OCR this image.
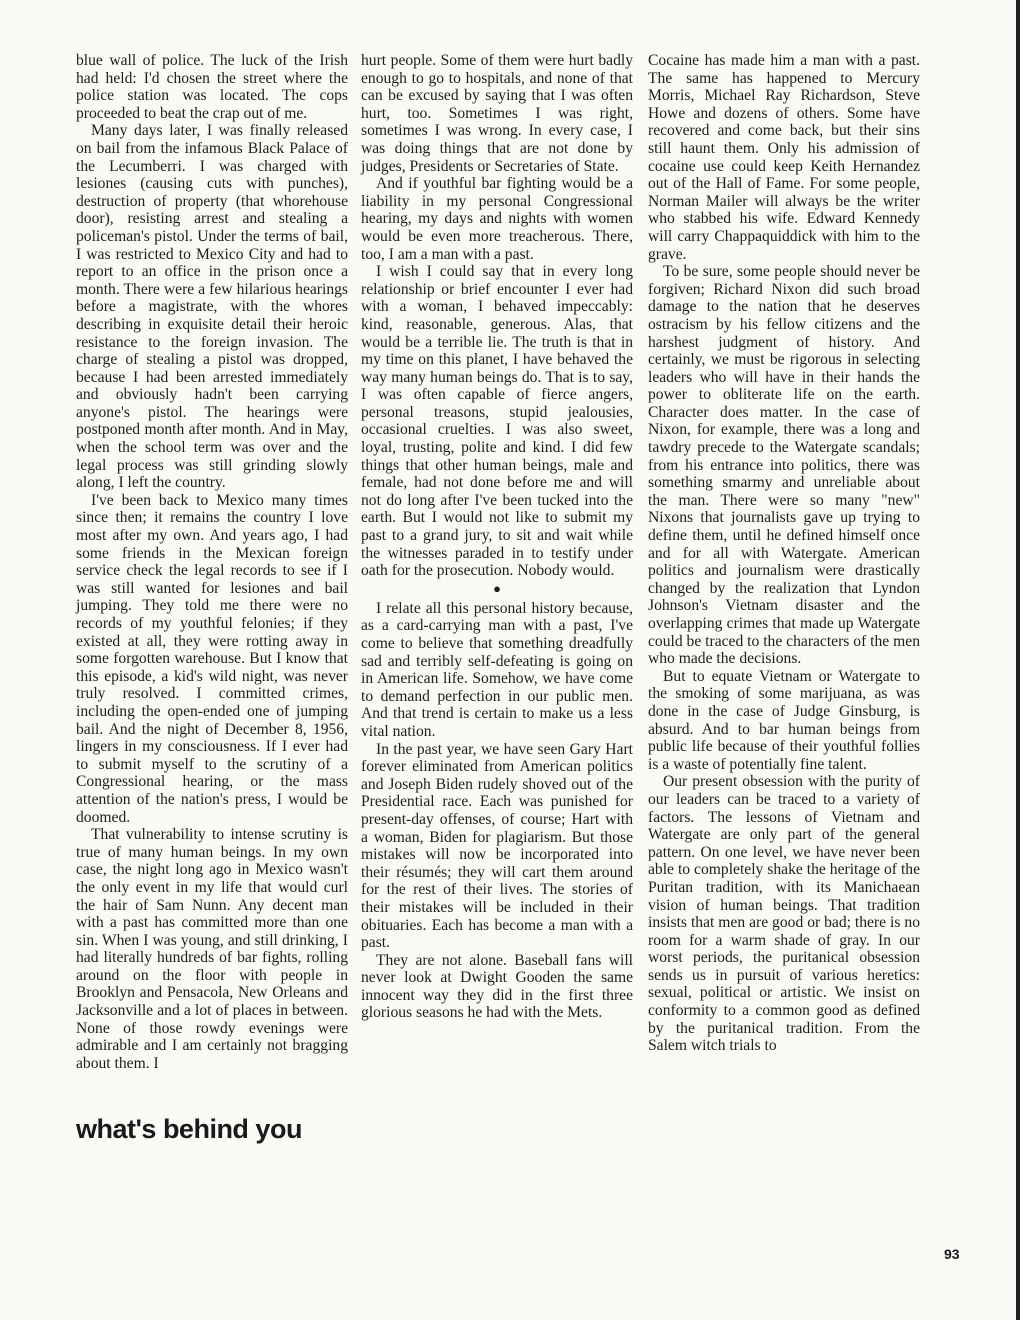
blue wall of police. The luck of the Irish had held: I'd chosen the street where the police station was located. The cops proceeded to beat the crap out of me.

Many days later, I was finally released on bail from the infamous Black Palace of the Lecumberri. I was charged with lesiones (causing cuts with punches), destruction of property (that whorehouse door), resisting arrest and stealing a policeman's pistol. Under the terms of bail, I was restricted to Mexico City and had to report to an office in the prison once a month. There were a few hilarious hearings before a magistrate, with the whores describing in exquisite detail their heroic resistance to the foreign invasion. The charge of stealing a pistol was dropped, because I had been arrested immediately and obviously hadn't been carrying anyone's pistol. The hearings were postponed month after month. And in May, when the school term was over and the legal process was still grinding slowly along, I left the country.

I've been back to Mexico many times since then; it remains the country I love most after my own. And years ago, I had some friends in the Mexican foreign service check the legal records to see if I was still wanted for lesiones and bail jumping. They told me there were no records of my youthful felonies; if they existed at all, they were rotting away in some forgotten warehouse. But I know that this episode, a kid's wild night, was never truly resolved. I committed crimes, including the open-ended one of jumping bail. And the night of December 8, 1956, lingers in my consciousness. If I ever had to submit myself to the scrutiny of a Congressional hearing, or the mass attention of the nation's press, I would be doomed.

That vulnerability to intense scrutiny is true of many human beings. In my own case, the night long ago in Mexico wasn't the only event in my life that would curl the hair of Sam Nunn. Any decent man with a past has committed more than one sin. When I was young, and still drinking, I had literally hundreds of bar fights, rolling around on the floor with people in Brooklyn and Pensacola, New Orleans and Jacksonville and a lot of places in between. None of those rowdy evenings were admirable and I am certainly not bragging about them. I

hurt people. Some of them were hurt badly enough to go to hospitals, and none of that can be excused by saying that I was often hurt, too. Sometimes I was right, sometimes I was wrong. In every case, I was doing things that are not done by judges, Presidents or Secretaries of State.

And if youthful bar fighting would be a liability in my personal Congressional hearing, my days and nights with women would be even more treacherous. There, too, I am a man with a past.

I wish I could say that in every long relationship or brief encounter I ever had with a woman, I behaved impeccably: kind, reasonable, generous. Alas, that would be a terrible lie. The truth is that in my time on this planet, I have behaved the way many human beings do. That is to say, I was often capable of fierce angers, personal treasons, stupid jealousies, occasional cruelties. I was also sweet, loyal, trusting, polite and kind. I did few things that other human beings, male and female, had not done before me and will not do long after I've been tucked into the earth. But I would not like to submit my past to a grand jury, to sit and wait while the witnesses paraded in to testify under oath for the prosecution. Nobody would.

●

I relate all this personal history because, as a card-carrying man with a past, I've come to believe that something dreadfully sad and terribly self-defeating is going on in American life. Somehow, we have come to demand perfection in our public men. And that trend is certain to make us a less vital nation.

In the past year, we have seen Gary Hart forever eliminated from American politics and Joseph Biden rudely shoved out of the Presidential race. Each was punished for present-day offenses, of course; Hart with a woman, Biden for plagiarism. But those mistakes will now be incorporated into their résumés; they will cart them around for the rest of their lives. The stories of their mistakes will be included in their obituaries. Each has become a man with a past.

They are not alone. Baseball fans will never look at Dwight Gooden the same innocent way they did in the first three glorious seasons he had with the Mets.

Cocaine has made him a man with a past. The same has happened to Mercury Morris, Michael Ray Richardson, Steve Howe and dozens of others. Some have recovered and come back, but their sins still haunt them. Only his admission of cocaine use could keep Keith Hernandez out of the Hall of Fame. For some people, Norman Mailer will always be the writer who stabbed his wife. Edward Kennedy will carry Chappaquiddick with him to the grave.

To be sure, some people should never be forgiven; Richard Nixon did such broad damage to the nation that he deserves ostracism by his fellow citizens and the harshest judgment of history. And certainly, we must be rigorous in selecting leaders who will have in their hands the power to obliterate life on the earth. Character does matter. In the case of Nixon, for example, there was a long and tawdry precede to the Watergate scandals; from his entrance into politics, there was something smarmy and unreliable about the man. There were so many "new" Nixons that journalists gave up trying to define them, until he defined himself once and for all with Watergate. American politics and journalism were drastically changed by the realization that Lyndon Johnson's Vietnam disaster and the overlapping crimes that made up Watergate could be traced to the characters of the men who made the decisions.

But to equate Vietnam or Watergate to the smoking of some marijuana, as was done in the case of Judge Ginsburg, is absurd. And to bar human beings from public life because of their youthful follies is a waste of potentially fine talent.

Our present obsession with the purity of our leaders can be traced to a variety of factors. The lessons of Vietnam and Watergate are only part of the general pattern. On one level, we have never been able to completely shake the heritage of the Puritan tradition, with its Manichaean vision of human beings. That tradition insists that men are good or bad; there is no room for a warm shade of gray. In our worst periods, the puritanical obsession sends us in pursuit of various heretics: sexual, political or artistic. We insist on conformity to a common good as defined by the puritanical tradition. From the Salem witch trials to

what's behind you
93
